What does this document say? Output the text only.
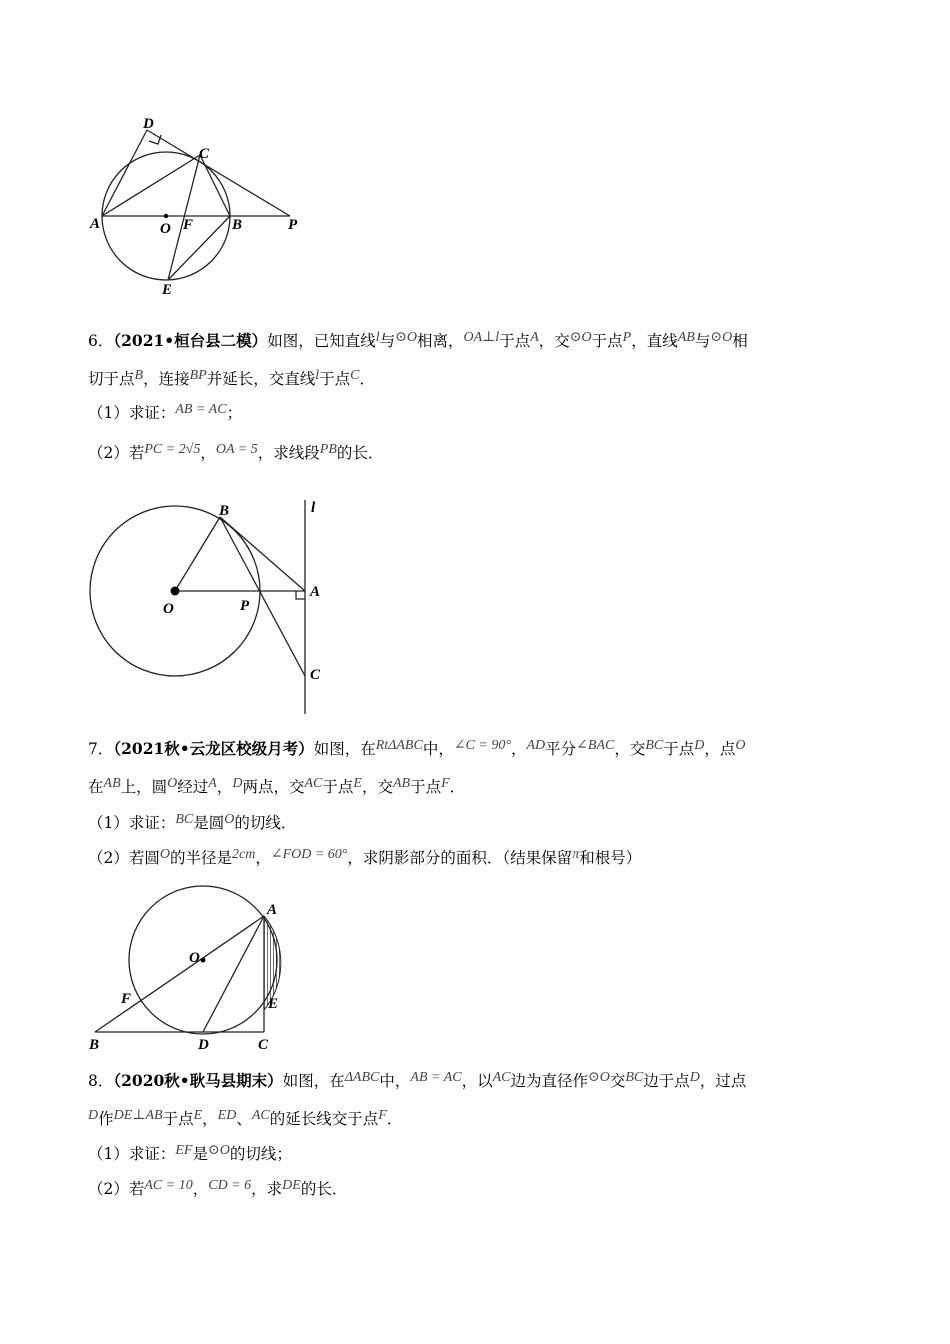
D
C
A	O F	B	P
E
6．（2021•桓台县二模）如图，已知直线l与⊙O相离，OA⊥l于点A，交⊙O于点P，直线AB与⊙O相
切于点B，连接BP并延长，交直线l于点C．
（1）求证：AB = AC；
（2）若PC = 2√5，OA = 5，求线段PB的长．
B	l
A
O	P
C
7．（2021秋•云龙区校级月考）如图，在RtΔABC中，∠C = 90°，AD平分∠BAC，交BC于点D，点O
在AB上，圆O经过A，D两点，交AC于点E，交AB于点F．
（1）求证：BC是圆O的切线．
（2）若圆O的半径是2cm，∠FOD = 60°，求阴影部分的面积．（结果保留π和根号）
A
O
F	E
B	D	C
8．（2020秋•耿马县期末）如图，在ΔABC中，AB = AC，以AC边为直径作⊙O交BC边于点D，过点
D作DE⊥AB于点E，ED、AC的延长线交于点F．
（1）求证：EF是⊙O的切线；
（2）若AC = 10，CD = 6，求DE的长．
